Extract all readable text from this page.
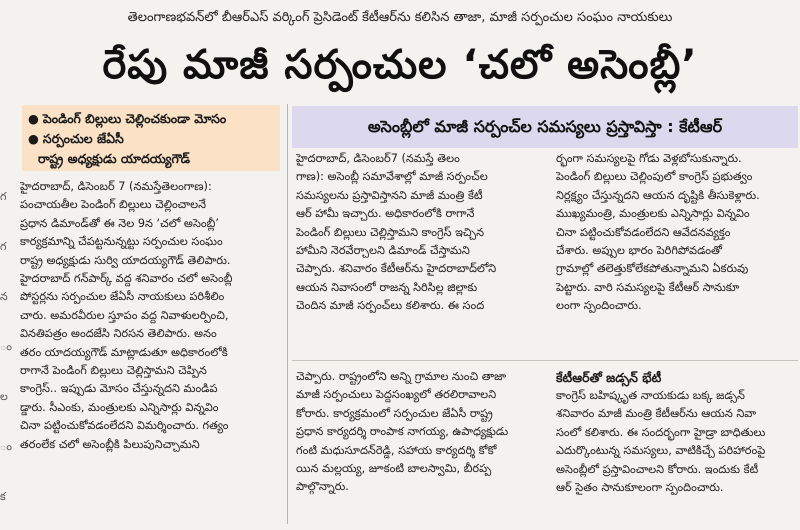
తెలంగాణభవన్‌లో బీఆర్ఎస్ వర్కింగ్ ప్రెసిడెంట్ కేటీఆర్‌ను కలిసిన తాజా, మాజీ సర్పంచుల సంఘం నాయకులు
రేపు మాజీ సర్పంచుల ‘చలో అసెంబ్లీ’
గ
గ
న
ం
ల
ం
క
● పెండింగ్ బిల్లులు చెల్లించకుండా మోసం
● సర్పంచుల జేఏసీ
రాష్ట్ర అధ్యక్షుడు యాదయ్యగౌడ్

హైదరాబాద్, డిసెంబర్ 7 (నమస్తేతెలంగాణ):

పంచాయతీల పెండింగ్ బిల్లులు చెల్లించాలనే

ప్రధాన డిమాండ్‌తో ఈ నెల 9న ‘చలో అసెంబ్లీ’

కార్యక్రమాన్ని చేపట్టనున్నట్టు సర్పంచుల సంఘం

రాష్ట్ర అధ్యక్షుడు సుర్వి యాదయ్యగౌడ్ తెలిపారు.

హైదరాబాద్ గన్‌పార్క్ వద్ద శనివారం చలో అసెంబ్లీ

పోస్టర్లను సర్పంచుల జేఏసీ నాయకులు పరిశీలిం

చారు. అమరవీరుల స్తూపం వద్ద నివాళులర్పించి,

వినతిపత్రం అందజేసి నిరసన తెలిపారు. అనం

తరం యాదయ్యగౌడ్ మాట్లాడుతూ అధికారంలోకి

రాగానే పెండింగ్ బిల్లులు చెల్లిస్తామని చెప్పిన

కాంగ్రెస్.. ఇప్పుడు మోసం చేస్తున్నదని మండిప

డ్డారు. సీఎంకు, మంత్రులకు ఎన్నిసార్లు విన్నవిం

చినా పట్టించుకోవడంలేదని విమర్శించారు. గత్యం

తరంలేక చలో అసెంబ్లీకి పిలుపునిచ్చామని

అసెంబ్లీలో మాజీ సర్పంచ్‌ల సమస్యలు ప్రస్తావిస్తా : కేటీఆర్

హైదరాబాద్, డిసెంబర్7 (నమస్తే తెలం

గాణ): అసెంబ్లీ సమావేశాల్లో మాజీ సర్పంచ్‌ల

సమస్యలను ప్రస్తావిస్తానని మాజీ మంత్రి కేటీ

ఆర్ హామీ ఇచ్చారు. అధికారంలోకి రాగానే

పెండింగ్ బిల్లులు చెల్లిస్తామని కాంగ్రెస్ ఇచ్చిన

హామీని నెరవేర్చాలని డిమాండ్ చేస్తామని

చెప్పారు. శనివారం కేటీఆర్‌ను హైదరాబాద్‌లోని

ఆయన నివాసంలో రాజన్న సిరిసిల్ల జిల్లాకు

చెందిన మాజీ సర్పంచ్‌లు కలిశారు. ఈ సంద

ర్భంగా సమస్యలపై గోడు వెళ్లబోసుకున్నారు.

పెండింగ్ బిల్లులు చెల్లింపులో కాంగ్రెస్ ప్రభుత్వం

నిర్లక్ష్యం చేస్తున్నదని ఆయన దృష్టికి తీసుకెళ్లారు.

ముఖ్యమంత్రి, మంత్రులకు ఎన్నిసార్లు విన్నవిం

చినా పట్టించుకోవడంలేదని ఆవేదనవ్యక్తం

చేశారు. అప్పుల భారం పెరిగిపోవడంతో

గ్రామాల్లో తలెత్తుకోలేకపోతున్నామని ఏకరువు

పెట్టారు. వారి సమస్యలపై కేటీఆర్ సానుకూ

లంగా స్పందించారు.

చెప్పారు. రాష్ట్రంలోని అన్ని గ్రామాల నుంచి తాజా

మాజీ సర్పంచులు పెద్దసంఖ్యలో తరలిరావాలని

కోరారు. కార్యక్రమంలో సర్పంచుల జేఏసీ రాష్ట్ర

ప్రధాన కార్యదర్శి రాంపాక నాగయ్య, ఉపాధ్యక్షుడు

గంటి మధుసూదన్‌రెడ్డి, సహాయ కార్యదర్శి కోకో

యిన మల్లయ్య, జూకంటి బాలస్వామి, బీరప్ప

పాల్గొన్నారు.

కేటీఆర్‌తో జడ్సన్ భేటీ

కాంగ్రెస్ బహిష్కృత నాయకుడు బక్క జడ్సన్

శనివారం మాజీ మంత్రి కేటీఆర్‌ను ఆయన నివా

సంలో కలిశారు. ఈ సందర్భంగా హైడ్రా బాధితులు

ఎదుర్కొంటున్న సమస్యలు, వాటికిచ్చే పరిహారంపై

అసెంబ్లీలో ప్రస్తావించాలని కోరారు. ఇందుకు కేటీ

ఆర్ సైతం సానుకూలంగా స్పందించారు.
